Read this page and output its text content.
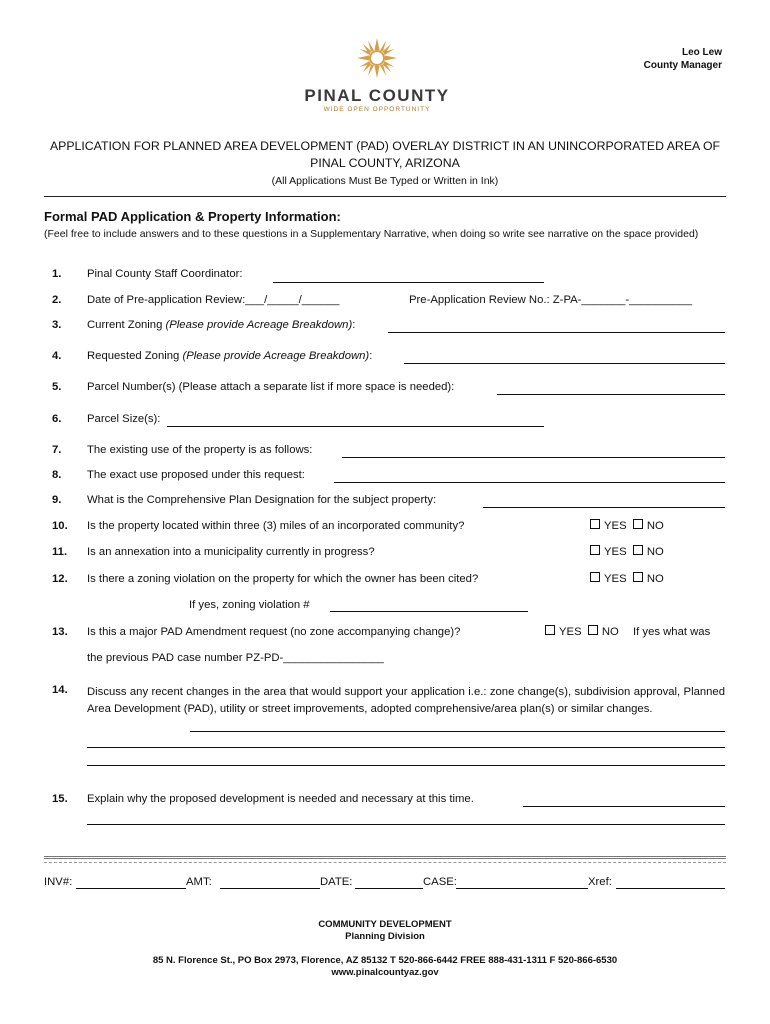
Leo Lew
County Manager
PINAL COUNTY
WIDE OPEN OPPORTUNITY
APPLICATION FOR PLANNED AREA DEVELOPMENT (PAD) OVERLAY DISTRICT IN AN UNINCORPORATED AREA OF
PINAL COUNTY, ARIZONA
(All Applications Must Be Typed or Written in Ink)
Formal PAD Application & Property Information:
(Feel free to include answers and to these questions in a Supplementary Narrative, when doing so write see narrative on the space provided)
1. Pinal County Staff Coordinator:
2. Date of Pre-application Review:___/_____/______	Pre-Application Review No.: Z-PA-_______-__________
3. Current Zoning (Please provide Acreage Breakdown):
4. Requested Zoning (Please provide Acreage Breakdown):
5. Parcel Number(s) (Please attach a separate list if more space is needed):
6. Parcel Size(s):
7. The existing use of the property is as follows:
8. The exact use proposed under this request:
9. What is the Comprehensive Plan Designation for the subject property:
10. Is the property located within three (3) miles of an incorporated community?	YES NO
11. Is an annexation into a municipality currently in progress?	YES NO
12. Is there a zoning violation on the property for which the owner has been cited?	YES NO
If yes, zoning violation #
13. Is this a major PAD Amendment request (no zone accompanying change)?	YES NO If yes what was
the previous PAD case number PZ-PD-________________
14. Discuss any recent changes in the area that would support your application i.e.: zone change(s), subdivision approval, Planned Area Development (PAD), utility or street improvements, adopted comprehensive/area plan(s) or similar changes.
15. Explain why the proposed development is needed and necessary at this time.
INV#:	AMT:	DATE:	CASE:	Xref:
COMMUNITY DEVELOPMENT
Planning Division
85 N. Florence St., PO Box 2973, Florence, AZ 85132 T 520-866-6442 FREE 888-431-1311 F 520-866-6530
www.pinalcountyaz.gov
